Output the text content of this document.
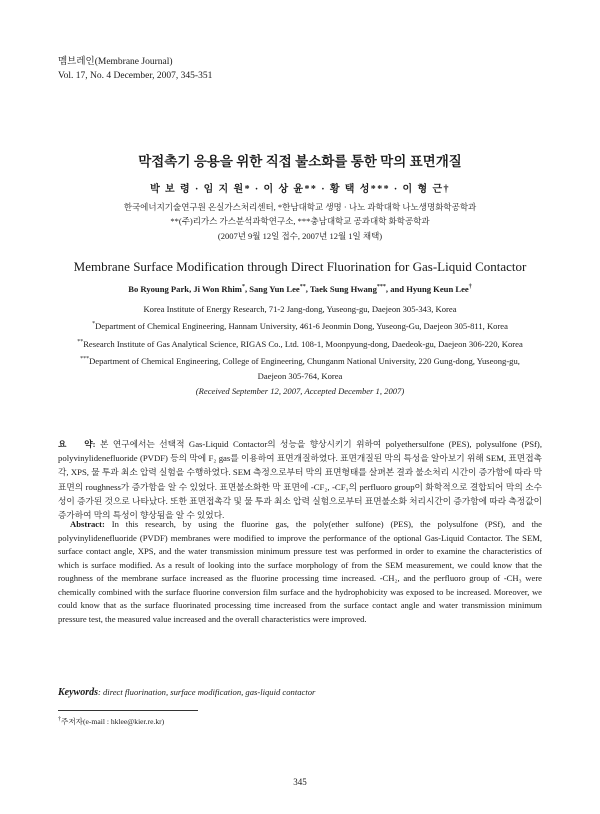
멤브레인(Membrane Journal)
Vol. 17, No. 4 December, 2007, 345-351
막접촉기 응용을 위한 직접 불소화를 통한 막의 표면개질
박 보 령 · 임 지 원* · 이 상 윤** · 황 택 성*** · 이 형 근†
한국에너지기술연구원 온실가스처리센터, *한남대학교 생명 · 나노 과학대학 나노생명화학공학과
**(주)리가스 가스분석과학연구소, ***충남대학교 공과대학 화학공학과
(2007년 9월 12일 접수, 2007년 12월 1일 채택)
Membrane Surface Modification through Direct Fluorination for Gas-Liquid Contactor
Bo Ryoung Park, Ji Won Rhim*, Sang Yun Lee**, Taek Sung Hwang***, and Hyung Keun Lee†

Korea Institute of Energy Research, 71-2 Jang-dong, Yuseong-gu, Daejeon 305-343, Korea

*Department of Chemical Engineering, Hannam University, 461-6 Jeonmin Dong, Yuseong-Gu, Daejeon 305-811, Korea

**Research Institute of Gas Analytical Science, RIGAS Co., Ltd. 108-1, Moonpyung-dong, Daedeok-gu, Daejeon 306-220, Korea

***Department of Chemical Engineering, College of Engineering, Chunganm National University, 220 Gung-dong, Yuseong-gu, Daejeon 305-764, Korea

(Received September 12, 2007, Accepted December 1, 2007)

요    약: 본 연구에서는 선택적 Gas-Liquid Contactor의 성능을 향상시키기 위하여 polyethersulfone (PES), polysulfone (PSf), polyvinylidenefluoride (PVDF) 등의 막에 F₂ gas를 이용하여 표면개질하였다. 표면개질된 막의 특성을 알아보기 위해 SEM, 표면접촉각, XPS, 물 투과 최소 압력 실험을 수행하였다. SEM 측정으로부터 막의 표면형태를 살펴본 결과 불소처리 시간이 증가함에 따라 막 표면의 roughness가 증가함을 알 수 있었다. 표면불소화한 막 표면에 -CF₂, -CF₃의 perfluoro group이 화학적으로 결합되어 막의 소수성이 증가된 것으로 나타났다. 또한 표면접촉각 및 물 투과 최소 압력 실험으로부터 표면불소화 처리시간이 증가함에 따라 측정값이 증가하여 막의 특성이 향상됨을 알 수 있었다.
Abstract: In this research, by using the fluorine gas, the poly(ether sulfone) (PES), the polysulfone (PSf), and the polyvinylidenefluoride (PVDF) membranes were modified to improve the performance of the optional Gas-Liquid Contactor. The SEM, surface contact angle, XPS, and the water transmission minimum pressure test was performed in order to examine the characteristics of which is surface modified. As a result of looking into the surface morphology of from the SEM measurement, we could know that the roughness of the membrane surface increased as the fluorine processing time increased. -CH₂, and the perfluoro group of -CH₃ were chemically combined with the surface fluorine conversion film surface and the hydrophobicity was exposed to be increased. Moreover, we could know that as the surface fluorinated processing time increased from the surface contact angle and water transmission minimum pressure test, the measured value increased and the overall characteristics were improved.
Keywords: direct fluorination, surface modification, gas-liquid contactor
†주저자(e-mail : hklee@kier.re.kr)
345
